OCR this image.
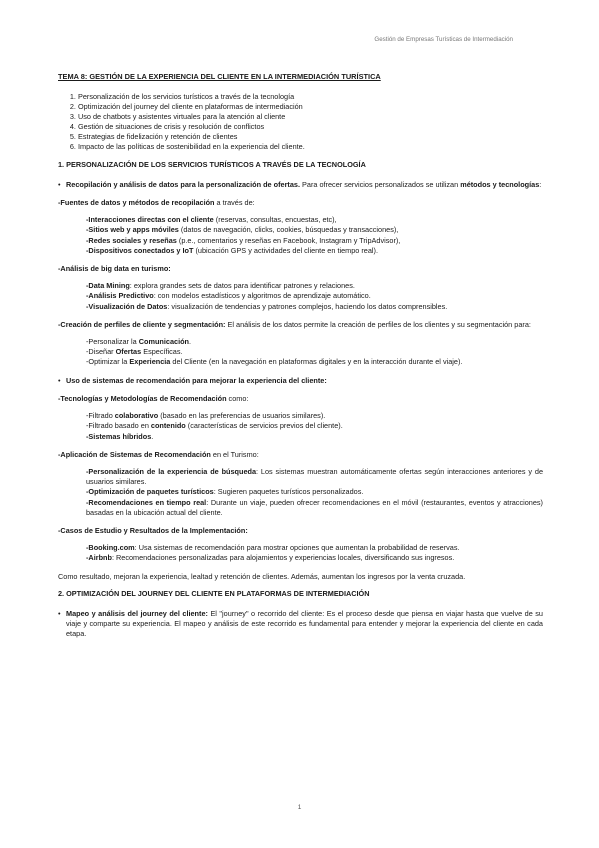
Gestión de Empresas Turísticas de Intermediación
TEMA 8: GESTIÓN DE LA EXPERIENCIA DEL CLIENTE EN LA INTERMEDIACIÓN TURÍSTICA
1. Personalización de los servicios turísticos a través de la tecnología
2. Optimización del journey del cliente en plataformas de intermediación
3. Uso de chatbots y asistentes virtuales para la atención al cliente
4. Gestión de situaciones de crisis y resolución de conflictos
5. Estrategias de fidelización y retención de clientes
6. Impacto de las políticas de sostenibilidad en la experiencia del cliente.
1. PERSONALIZACIÓN DE LOS SERVICIOS TURÍSTICOS A TRAVÉS DE LA TECNOLOGÍA
• Recopilación y análisis de datos para la personalización de ofertas. Para ofrecer servicios personalizados se utilizan métodos y tecnologías:
-Fuentes de datos y métodos de recopilación a través de:
-Interacciones directas con el cliente (reservas, consultas, encuestas, etc),
-Sitios web y apps móviles (datos de navegación, clicks, cookies, búsquedas y transacciones),
-Redes sociales y reseñas (p.e., comentarios y reseñas en Facebook, Instagram y TripAdvisor),
-Dispositivos conectados y IoT (ubicación GPS y actividades del cliente en tiempo real).
-Análisis de big data en turismo:
-Data Mining: explora grandes sets de datos para identificar patrones y relaciones.
-Análisis Predictivo: con modelos estadísticos y algoritmos de aprendizaje automático.
-Visualización de Datos: visualización de tendencias y patrones complejos, haciendo los datos comprensibles.
-Creación de perfiles de cliente y segmentación: El análisis de los datos permite la creación de perfiles de los clientes y su segmentación para:
-Personalizar la Comunicación.
-Diseñar Ofertas Específicas.
-Optimizar la Experiencia del Cliente (en la navegación en plataformas digitales y en la interacción durante el viaje).
• Uso de sistemas de recomendación para mejorar la experiencia del cliente:
-Tecnologías y Metodologías de Recomendación como:
-Filtrado colaborativo (basado en las preferencias de usuarios similares).
-Filtrado basado en contenido (características de servicios previos del cliente).
-Sistemas híbridos.
-Aplicación de Sistemas de Recomendación en el Turismo:
-Personalización de la experiencia de búsqueda: Los sistemas muestran automáticamente ofertas según interacciones anteriores y de usuarios similares.
-Optimización de paquetes turísticos: Sugieren paquetes turísticos personalizados.
-Recomendaciones en tiempo real: Durante un viaje, pueden ofrecer recomendaciones en el móvil (restaurantes, eventos y atracciones) basadas en la ubicación actual del cliente.
-Casos de Estudio y Resultados de la Implementación:
-Booking.com: Usa sistemas de recomendación para mostrar opciones que aumentan la probabilidad de reservas.
-Airbnb: Recomendaciones personalizadas para alojamientos y experiencias locales, diversificando sus ingresos.
Como resultado, mejoran la experiencia, lealtad y retención de clientes. Además, aumentan los ingresos por la venta cruzada.
2. OPTIMIZACIÓN DEL JOURNEY DEL CLIENTE EN PLATAFORMAS DE INTERMEDIACIÓN
• Mapeo y análisis del journey del cliente: El "journey" o recorrido del cliente: Es el proceso desde que piensa en viajar hasta que vuelve de su viaje y comparte su experiencia. El mapeo y análisis de este recorrido es fundamental para entender y mejorar la experiencia del cliente en cada etapa.
1
